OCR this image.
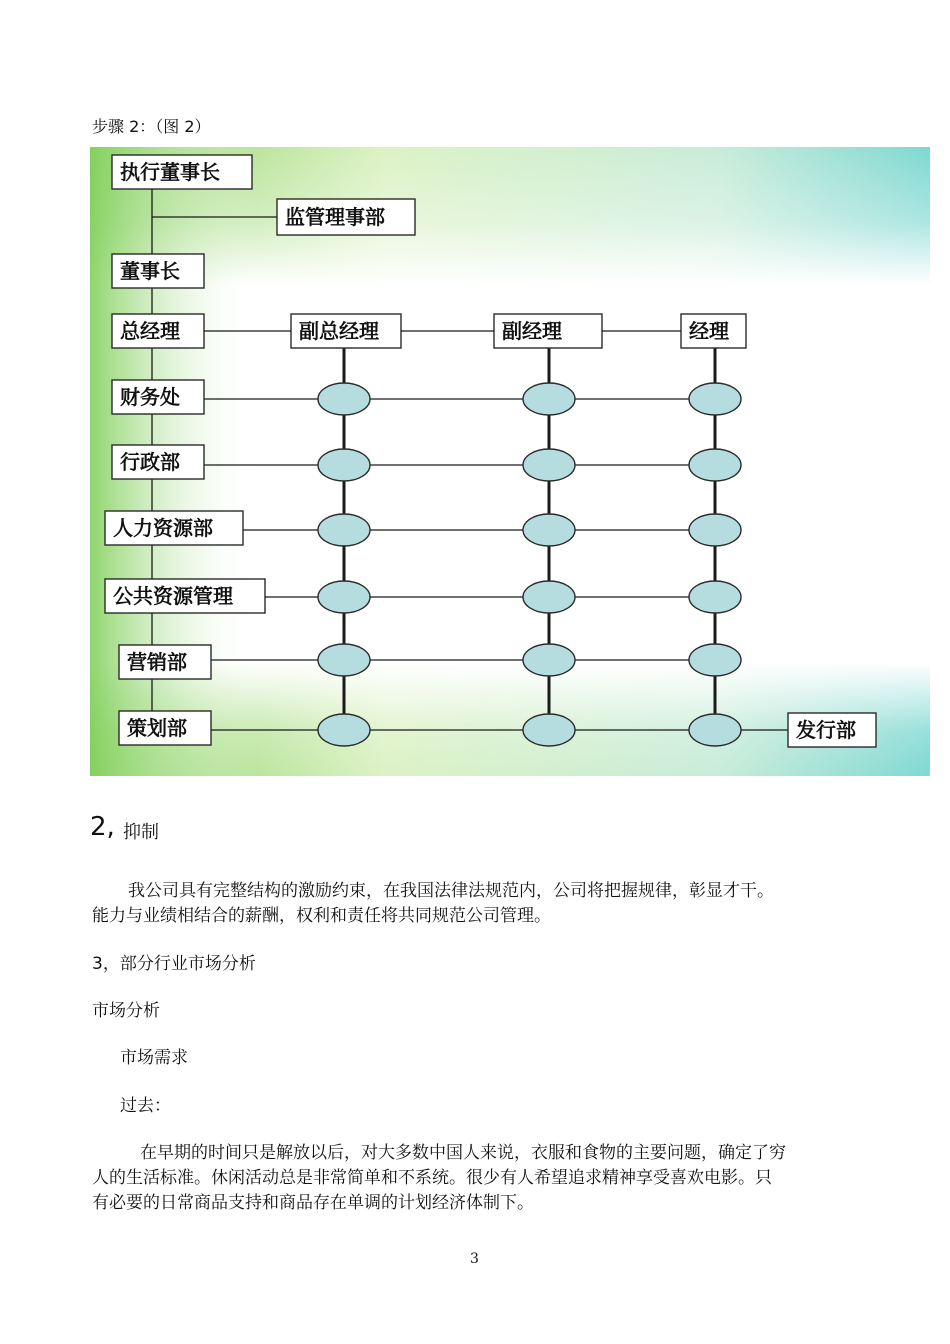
步骤 2：（图 2）
执行董事长
监管理事部
董事长
总经理
财务处
行政部
人力资源部
公共资源管理
营销部
策划部
副总经理	副经理	经理
发行部
2, 抑制
我公司具有完整结构的激励约束，在我国法律法规范内，公司将把握规律，彰显才干。
能力与业绩相结合的薪酬，权利和责任将共同规范公司管理。
3，部分行业市场分析
市场分析
市场需求
过去：
在早期的时间只是解放以后，对大多数中国人来说，衣服和食物的主要问题，确定了穷
人的生活标准。休闲活动总是非常简单和不系统。很少有人希望追求精神享受喜欢电影。只
有必要的日常商品支持和商品存在单调的计划经济体制下。
3
